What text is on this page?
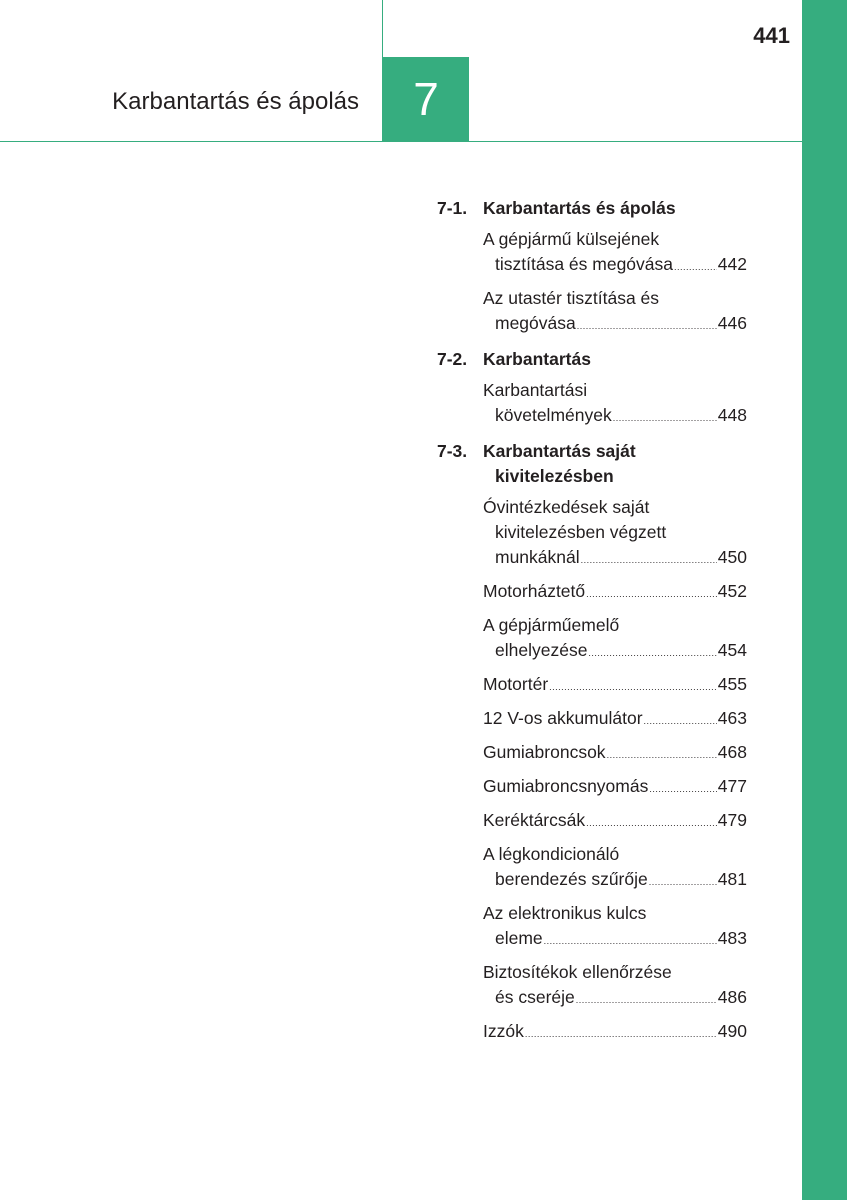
441
Karbantartás és ápolás	7
7-1. Karbantartás és ápolás
A gépjármű külsejének
tisztítása és megóvása .....	442
Az utastér tisztítása és
megóvása .....	446
7-2. Karbantartás
Karbantartási
követelmények .....	448
7-3. Karbantartás saját
kivitelezésben
Óvintézkedések saját
kivitelezésben végzett
munkáknál .....	450
Motorháztető .....	452
A gépjárműemelő
elhelyezése .....	454
Motortér .....	455
12 V-os akkumulátor .....	463
Gumiabroncsok .....	468
Gumiabroncsnyomás .....	477
Keréktárcsák .....	479
A légkondicionáló
berendezés szűrője .....	481
Az elektronikus kulcs
eleme .....	483
Biztosítékok ellenőrzése
és cseréje .....	486
Izzók .....	490
